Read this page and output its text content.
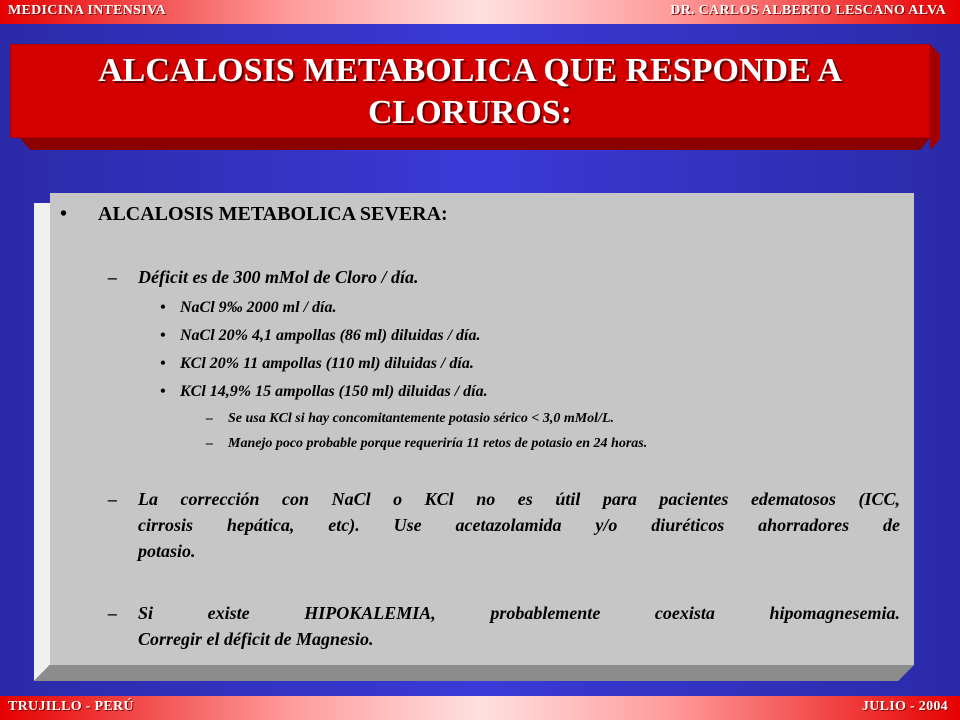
MEDICINA INTENSIVA	DR. CARLOS ALBERTO LESCANO ALVA
ALCALOSIS METABOLICA QUE RESPONDE A
CLORUROS:
• ALCALOSIS METABOLICA SEVERA:
– Déficit es de 300 mMol de Cloro / día.
• NaCl 9‰ 2000 ml / día.
• NaCl 20% 4,1 ampollas (86 ml) diluidas / día.
• KCl 20% 11 ampollas (110 ml) diluidas / día.
• KCl 14,9% 15 ampollas (150 ml) diluidas / día.
– Se usa KCl si hay concomitantemente potasio sérico < 3,0 mMol/L.
– Manejo poco probable porque requeriría 11 retos de potasio en 24 horas.
– La corrección con NaCl o KCl no es útil para pacientes edematosos (ICC,
cirrosis hepática, etc). Use acetazolamida y/o diuréticos ahorradores de
potasio.
– Si existe HIPOKALEMIA, probablemente coexista hipomagnesemia.
Corregir el déficit de Magnesio.
TRUJILLO - PERÚ	JULIO - 2004
